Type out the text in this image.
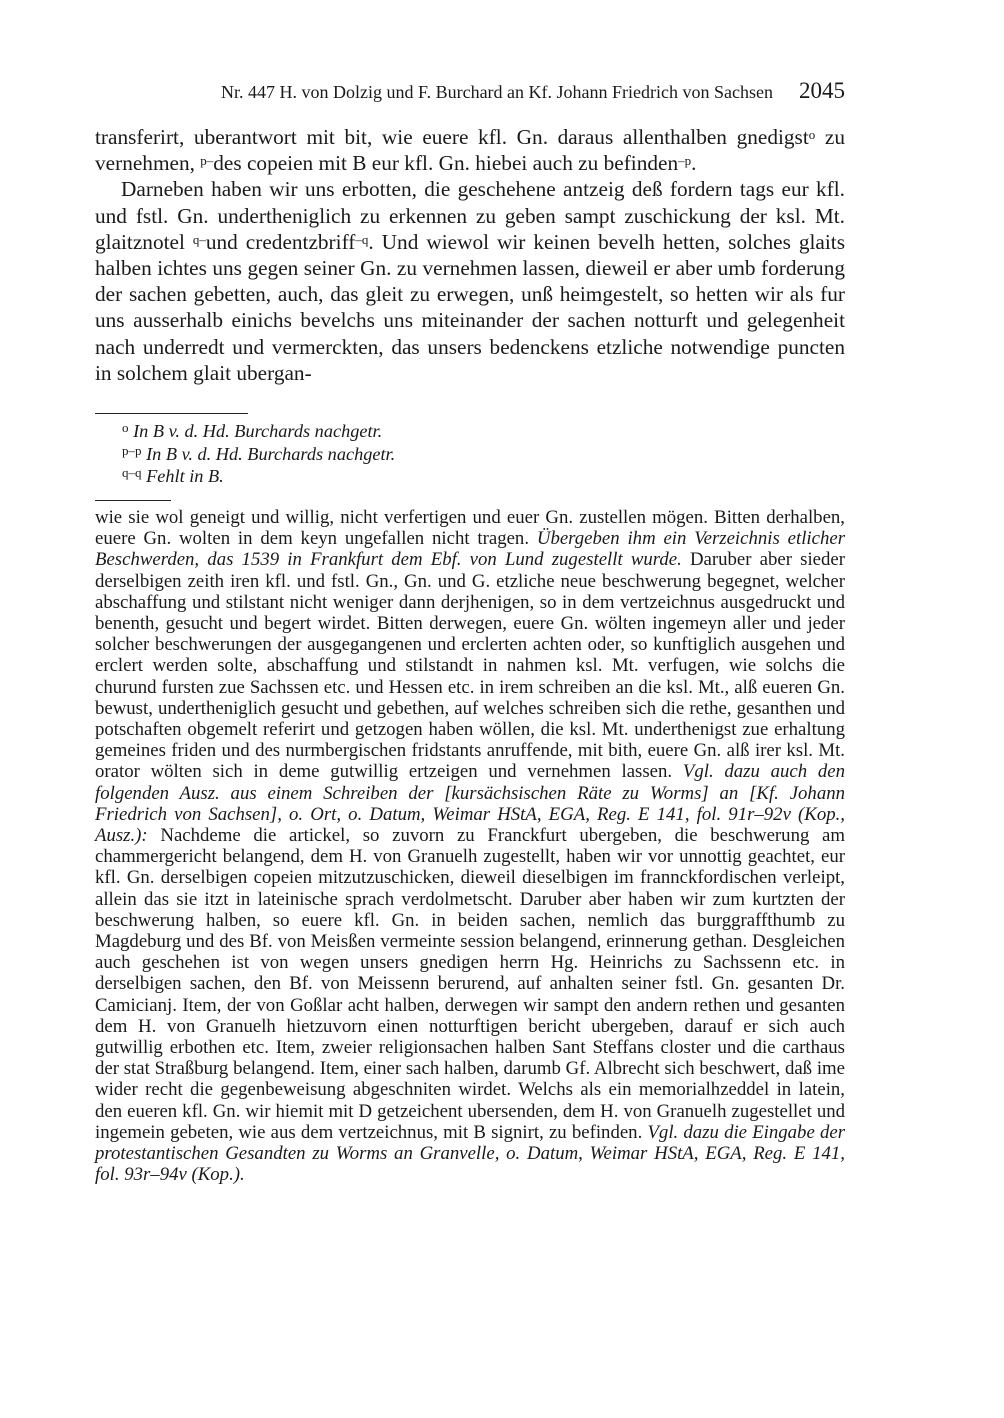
Nr. 447 H. von Dolzig und F. Burchard an Kf. Johann Friedrich von Sachsen 2045

transferirt, uberantwort mit bit, wie euere kfl. Gn. daraus allenthalben gnedigst$^o$ zu vernehmen, $^{p-}$des copeien mit B eur kfl. Gn. hiebei auch zu befinden$^{-p}$.

Darneben haben wir uns erbotten, die geschehene antzeig deß fordern tags eur kfl. und fstl. Gn. undertheniglich zu erkennen zu geben sampt zuschickung der ksl. Mt. glaitznotel $^{q-}$und credentzbriff$^{-q}$. Und wiewol wir keinen bevelh hetten, solches glaits halben ichtes uns gegen seiner Gn. zu vernehmen lassen, dieweil er aber umb forderung der sachen gebetten, auch, das gleit zu erwegen, unß heimgestelt, so hetten wir als fur uns ausserhalb einichs bevelchs uns miteinander der sachen notturft und gelegenheit nach underredt und vermerckten, das unsers bedenckens etzliche notwendige puncten in solchem glait ubergan-

$^o$ In B v. d. Hd. Burchards nachgetr.
$^{p-p}$ In B v. d. Hd. Burchards nachgetr.
$^{q-q}$ Fehlt in B.

wie sie wol geneigt und willig, nicht verfertigen und euer Gn. zustellen mögen. Bitten derhalben, euere Gn. wolten in dem keyn ungefallen nicht tragen. Übergeben ihm ein Verzeichnis etlicher Beschwerden, das 1539 in Frankfurt dem Ebf. von Lund zugestellt wurde. Daruber aber sieder derselbigen zeith iren kfl. und fstl. Gn., Gn. und G. etzliche neue beschwerung begegnet, welcher abschaffung und stilstant nicht weniger dann derjhenigen, so in dem vertzeichnus ausgedruckt und benenth, gesucht und begert wirdet. Bitten derwegen, euere Gn. wölten ingemeyn aller und jeder solcher beschwerungen der ausgegangenen und erclerten achten oder, so kunftiglich ausgehen und erclert werden solte, abschaffung und stilstandt in nahmen ksl. Mt. verfugen, wie solchs die churund fursten zue Sachssen etc. und Hessen etc. in irem schreiben an die ksl. Mt., alß eueren Gn. bewust, undertheniglich gesucht und gebethen, auf welches schreiben sich die rethe, gesanthen und potschaften obgemelt referirt und getzogen haben wöllen, die ksl. Mt. underthenigst zue erhaltung gemeines friden und des nurmbergischen fridstants anruffende, mit bith, euere Gn. alß irer ksl. Mt. orator wölten sich in deme gutwillig ertzeigen und vernehmen lassen. Vgl. dazu auch den folgenden Ausz. aus einem Schreiben der [kursächsischen Räte zu Worms] an [Kf. Johann Friedrich von Sachsen], o. Ort, o. Datum, Weimar HStA, EGA, Reg. E 141, fol. 91r–92v (Kop., Ausz.): Nachdeme die artickel, so zuvorn zu Franckfurt ubergeben, die beschwerung am chammergericht belangend, dem H. von Granuelh zugestellt, haben wir vor unnottig geachtet, eur kfl. Gn. derselbigen copeien mitzutzuschicken, dieweil dieselbigen im frannckfordischen verleipt, allein das sie itzt in lateinische sprach verdolmetscht. Daruber aber haben wir zum kurtzten der beschwerung halben, so euere kfl. Gn. in beiden sachen, nemlich das burggraffthumb zu Magdeburg und des Bf. von Meisßen vermeinte session belangend, erinnerung gethan. Desgleichen auch geschehen ist von wegen unsers gnedigen herrn Hg. Heinrichs zu Sachssenn etc. in derselbigen sachen, den Bf. von Meissenn berurend, auf anhalten seiner fstl. Gn. gesanten Dr. Camicianj. Item, der von Goßlar acht halben, derwegen wir sampt den andern rethen und gesanten dem H. von Granuelh hietzuvorn einen notturftigen bericht ubergeben, darauf er sich auch gutwillig erbothen etc. Item, zweier religionsachen halben Sant Steffans closter und die carthaus der stat Straßburg belangend. Item, einer sach halben, darumb Gf. Albrecht sich beschwert, daß ime wider recht die gegenbeweisung abgeschniten wirdet. Welchs als ein memorialhzeddel in latein, den eueren kfl. Gn. wir hiemit mit D getzeichent ubersenden, dem H. von Granuelh zugestellet und ingemein gebeten, wie aus dem vertzeichnus, mit B signirt, zu befinden. Vgl. dazu die Eingabe der protestantischen Gesandten zu Worms an Granvelle, o. Datum, Weimar HStA, EGA, Reg. E 141, fol. 93r–94v (Kop.).
